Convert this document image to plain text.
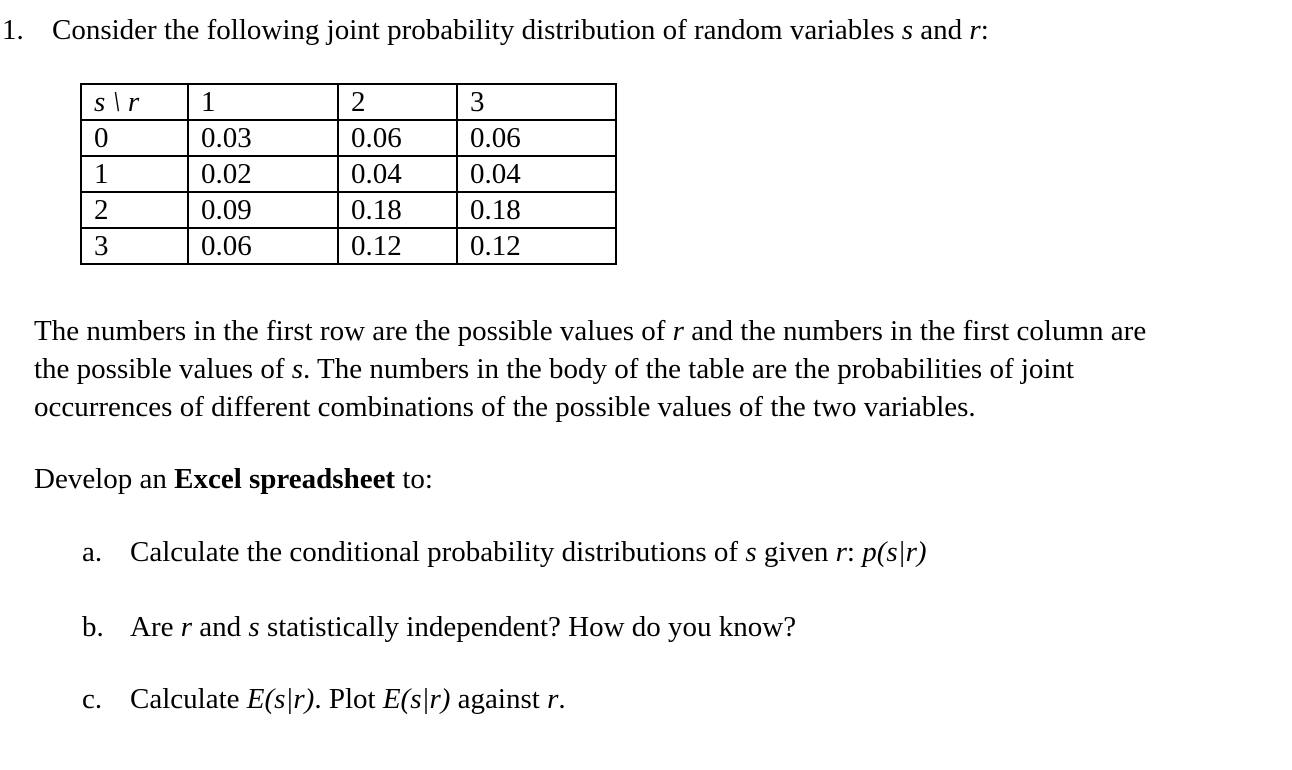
1. Consider the following joint probability distribution of random variables s and r:
s \ r	1	2	3
0	0.03	0.06	0.06
1	0.02	0.04	0.04
2	0.09	0.18	0.18
3	0.06	0.12	0.12
The numbers in the first row are the possible values of r and the numbers in the first column are
the possible values of s. The numbers in the body of the table are the probabilities of joint
occurrences of different combinations of the possible values of the two variables.
Develop an Excel spreadsheet to:
a. Calculate the conditional probability distributions of s given r: p(s|r)
b. Are r and s statistically independent? How do you know?
c. Calculate E(s|r). Plot E(s|r) against r.
